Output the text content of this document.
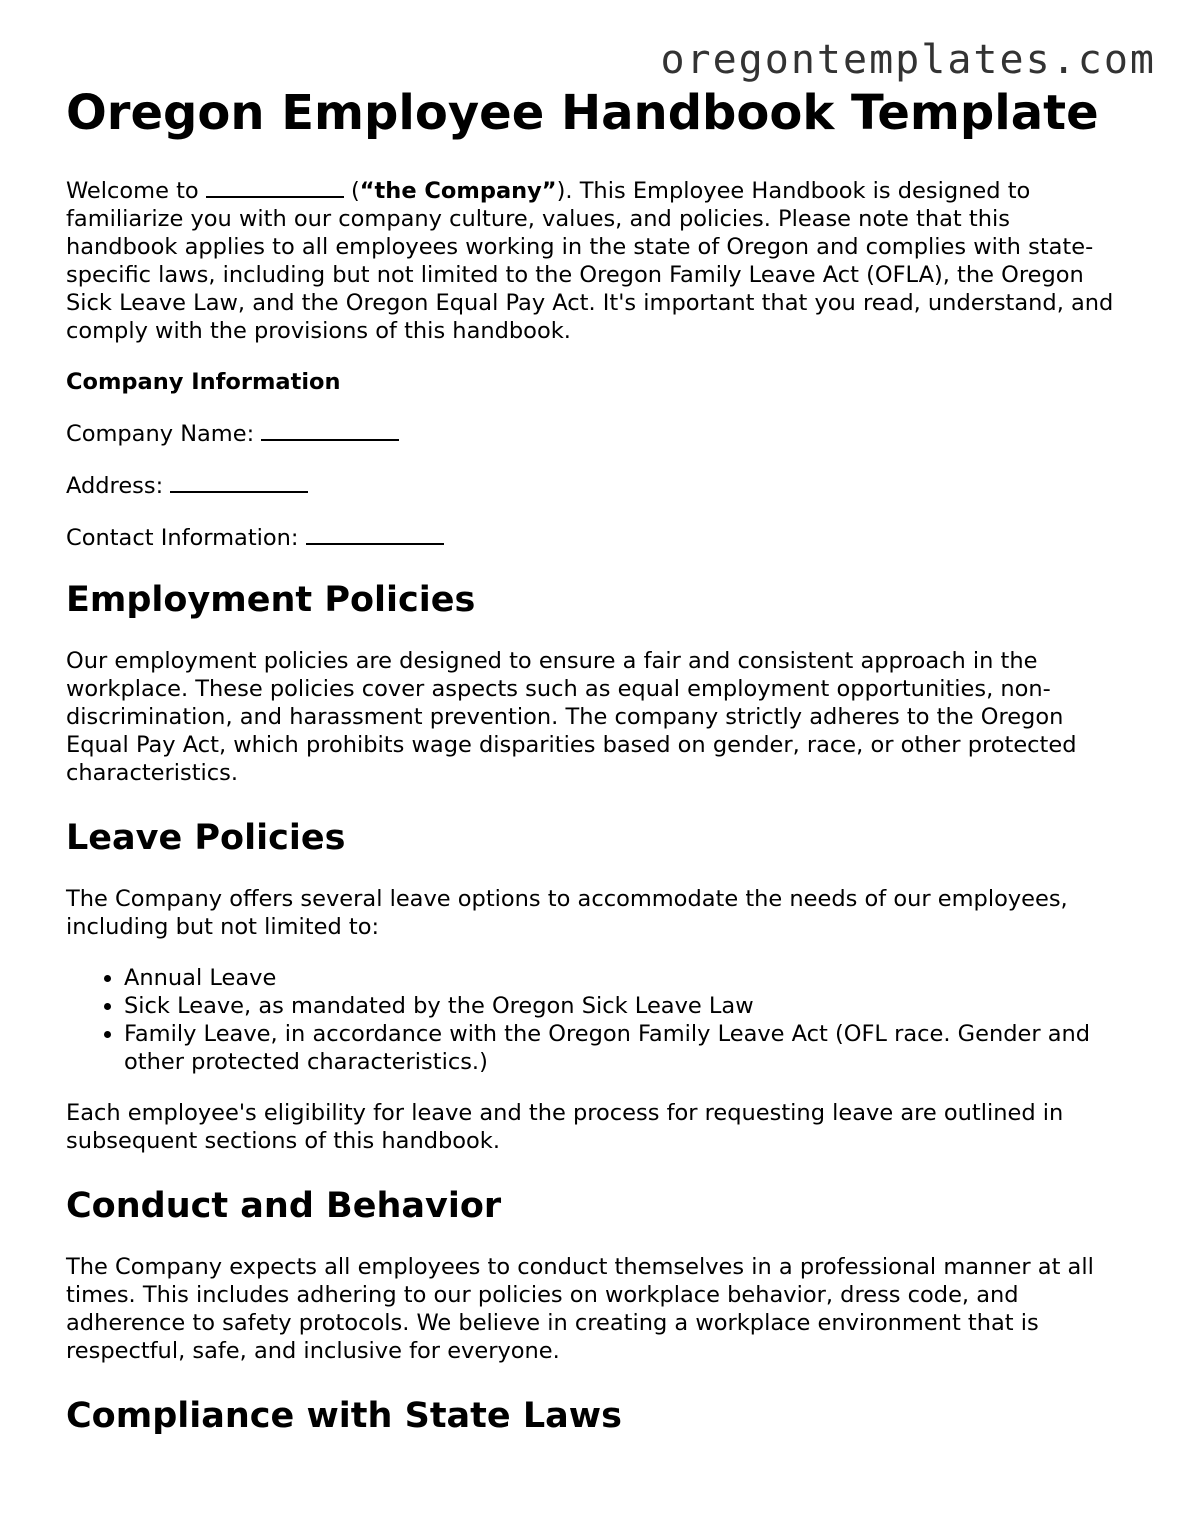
oregontemplates.com
Oregon Employee Handbook Template

Welcome to	(“the Company”). This Employee Handbook is designed to familiarize you with our company culture, values, and policies. Please note that this handbook applies to all employees working in the state of Oregon and complies with state-specific laws, including but not limited to the Oregon Family Leave Act (OFLA), the Oregon Sick Leave Law, and the Oregon Equal Pay Act. It's important that you read, understand, and comply with the provisions of this handbook.

Company Information

Company Name:

Address:

Contact Information:

Employment Policies

Our employment policies are designed to ensure a fair and consistent approach in the workplace. These policies cover aspects such as equal employment opportunities, non-discrimination, and harassment prevention. The company strictly adheres to the Oregon Equal Pay Act, which prohibits wage disparities based on gender, race, or other protected characteristics.

Leave Policies

The Company offers several leave options to accommodate the needs of our employees, including but not limited to:

• Annual Leave
• Sick Leave, as mandated by the Oregon Sick Leave Law
• Family Leave, in accordance with the Oregon Family Leave Act (OFL race. Gender and other protected characteristics.)

Each employee's eligibility for leave and the process for requesting leave are outlined in subsequent sections of this handbook.

Conduct and Behavior

The Company expects all employees to conduct themselves in a professional manner at all times. This includes adhering to our policies on workplace behavior, dress code, and adherence to safety protocols. We believe in creating a workplace environment that is respectful, safe, and inclusive for everyone.

Compliance with State Laws
